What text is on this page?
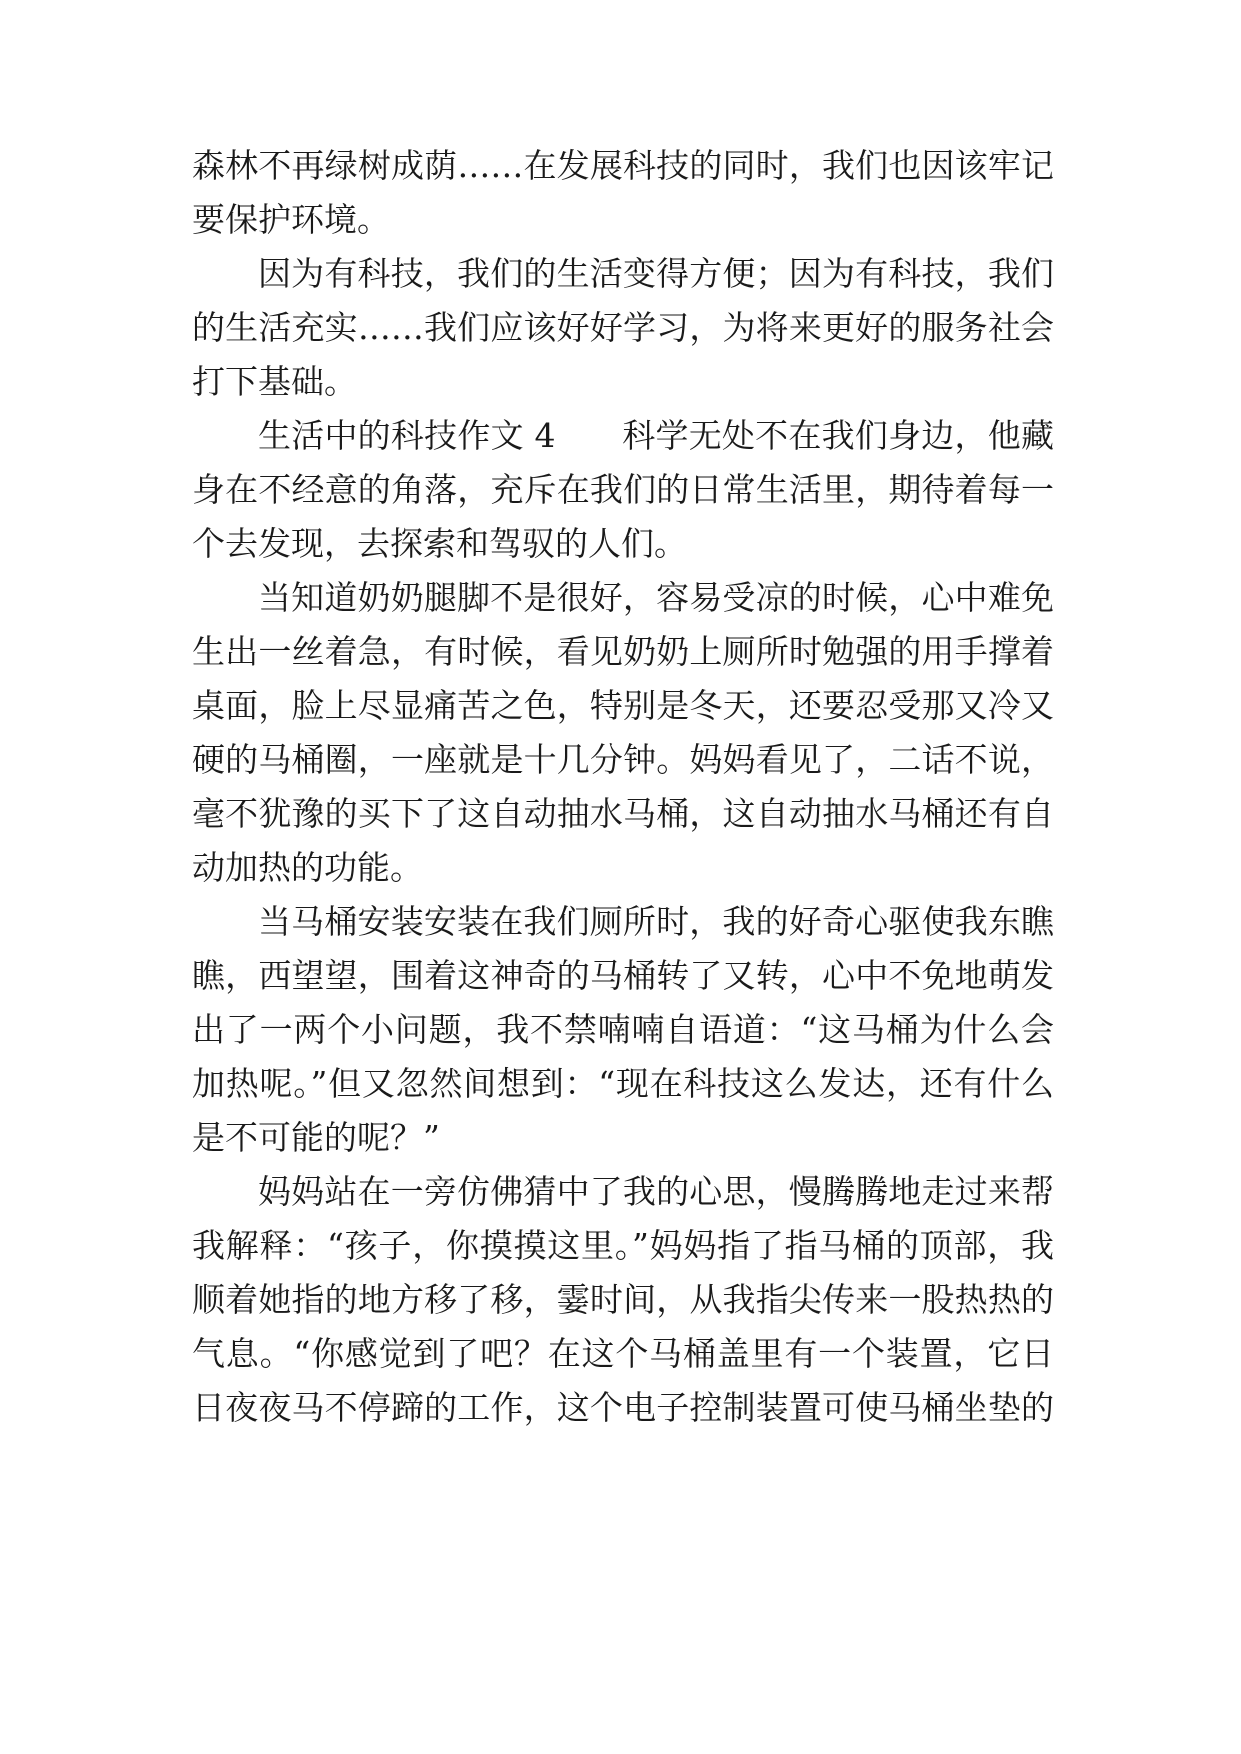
森林不再绿树成荫……在发展科技的同时，我们也因该牢记
要保护环境。
因为有科技，我们的生活变得方便；因为有科技，我们
的生活充实……我们应该好好学习，为将来更好的服务社会
打下基础。
生活中的科技作文 4　　科学无处不在我们身边，他藏
身在不经意的角落，充斥在我们的日常生活里，期待着每一
个去发现，去探索和驾驭的人们。
当知道奶奶腿脚不是很好，容易受凉的时候，心中难免
生出一丝着急，有时候，看见奶奶上厕所时勉强的用手撑着
桌面，脸上尽显痛苦之色，特别是冬天，还要忍受那又冷又
硬的马桶圈，一座就是十几分钟。妈妈看见了，二话不说，
毫不犹豫的买下了这自动抽水马桶，这自动抽水马桶还有自
动加热的功能。
当马桶安装安装在我们厕所时，我的好奇心驱使我东瞧
瞧，西望望，围着这神奇的马桶转了又转，心中不免地萌发
出了一两个小问题，我不禁喃喃自语道：“这马桶为什么会
加热呢。”但又忽然间想到：“现在科技这么发达，还有什么
是不可能的呢？”
妈妈站在一旁仿佛猜中了我的心思，慢腾腾地走过来帮
我解释：“孩子，你摸摸这里。”妈妈指了指马桶的顶部，我
顺着她指的地方移了移，霎时间，从我指尖传来一股热热的
气息。“你感觉到了吧？在这个马桶盖里有一个装置，它日
日夜夜马不停蹄的工作，这个电子控制装置可使马桶坐垫的
